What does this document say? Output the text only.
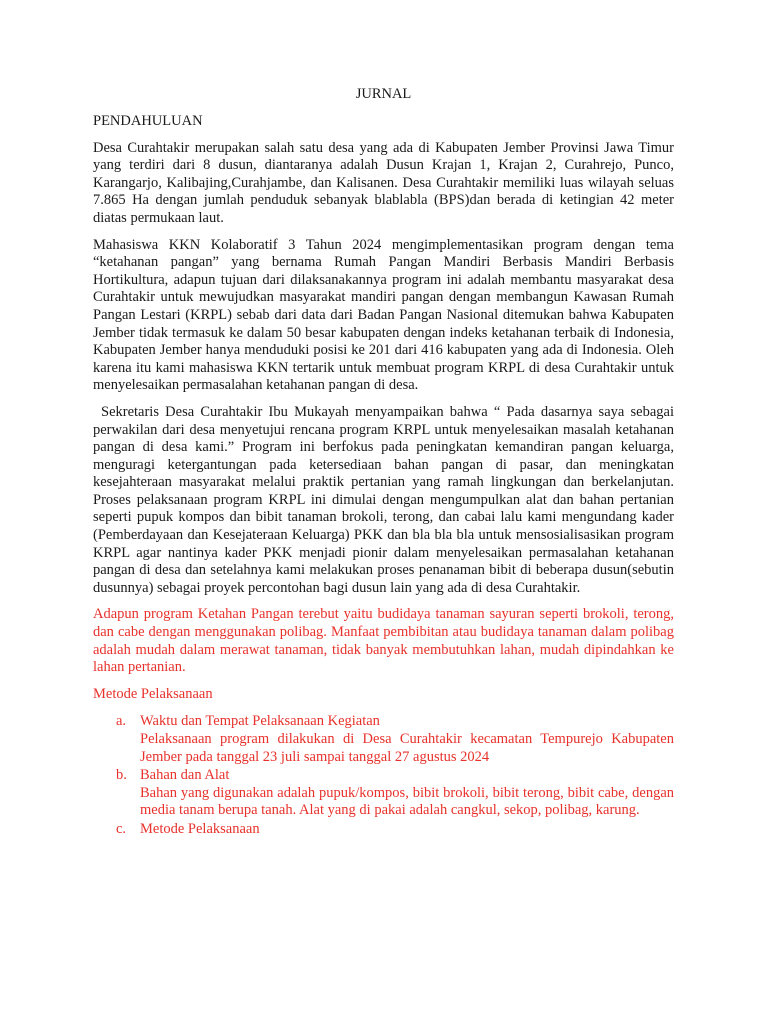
JURNAL
PENDAHULUAN

Desa Curahtakir merupakan salah satu desa yang ada di Kabupaten Jember Provinsi Jawa Timur yang terdiri dari 8 dusun, diantaranya adalah Dusun Krajan 1, Krajan 2, Curahrejo, Punco, Karangarjo, Kalibajing,Curahjambe, dan Kalisanen. Desa Curahtakir memiliki luas wilayah seluas 7.865 Ha dengan jumlah penduduk sebanyak blablabla (BPS)dan berada di ketingian 42 meter diatas permukaan laut.

Mahasiswa KKN Kolaboratif 3 Tahun 2024 mengimplementasikan program dengan tema “ketahanan pangan” yang bernama Rumah Pangan Mandiri Berbasis Mandiri Berbasis Hortikultura, adapun tujuan dari dilaksanakannya program ini adalah membantu masyarakat desa Curahtakir untuk mewujudkan masyarakat mandiri pangan dengan membangun Kawasan Rumah Pangan Lestari (KRPL) sebab dari data dari Badan Pangan Nasional ditemukan bahwa Kabupaten Jember tidak termasuk ke dalam 50 besar kabupaten dengan indeks ketahanan terbaik di Indonesia, Kabupaten Jember hanya menduduki posisi ke 201 dari 416 kabupaten yang ada di Indonesia. Oleh karena itu kami mahasiswa KKN tertarik untuk membuat program KRPL di desa Curahtakir untuk menyelesaikan permasalahan ketahanan pangan di desa.

Sekretaris Desa Curahtakir Ibu Mukayah menyampaikan bahwa “ Pada dasarnya saya sebagai perwakilan dari desa menyetujui rencana program KRPL untuk menyelesaikan masalah ketahanan pangan di desa kami.” Program ini berfokus pada peningkatan kemandiran pangan keluarga, menguragi ketergantungan pada ketersediaan bahan pangan di pasar, dan meningkatan kesejahteraan masyarakat melalui praktik pertanian yang ramah lingkungan dan berkelanjutan. Proses pelaksanaan program KRPL ini dimulai dengan mengumpulkan alat dan bahan pertanian seperti pupuk kompos dan bibit tanaman brokoli, terong, dan cabai lalu kami mengundang kader (Pemberdayaan dan Kesejateraan Keluarga) PKK dan bla bla bla untuk mensosialisasikan program KRPL agar nantinya kader PKK menjadi pionir dalam menyelesaikan permasalahan ketahanan pangan di desa dan setelahnya kami melakukan proses penanaman bibit di beberapa dusun(sebutin dusunnya) sebagai proyek percontohan bagi dusun lain yang ada di desa Curahtakir.

Adapun program Ketahan Pangan terebut yaitu budidaya tanaman sayuran seperti brokoli, terong, dan cabe dengan menggunakan polibag. Manfaat pembibitan atau budidaya tanaman dalam polibag adalah mudah dalam merawat tanaman, tidak banyak membutuhkan lahan, mudah dipindahkan ke lahan pertanian.

Metode Pelaksanaan
a. Waktu dan Tempat Pelaksanaan Kegiatan
Pelaksanaan program dilakukan di Desa Curahtakir kecamatan Tempurejo Kabupaten Jember pada tanggal 23 juli sampai tanggal 27 agustus 2024
b. Bahan dan Alat
Bahan yang digunakan adalah pupuk/kompos, bibit brokoli, bibit terong, bibit cabe, dengan media tanam berupa tanah. Alat yang di pakai adalah cangkul, sekop, polibag, karung.
c. Metode Pelaksanaan
